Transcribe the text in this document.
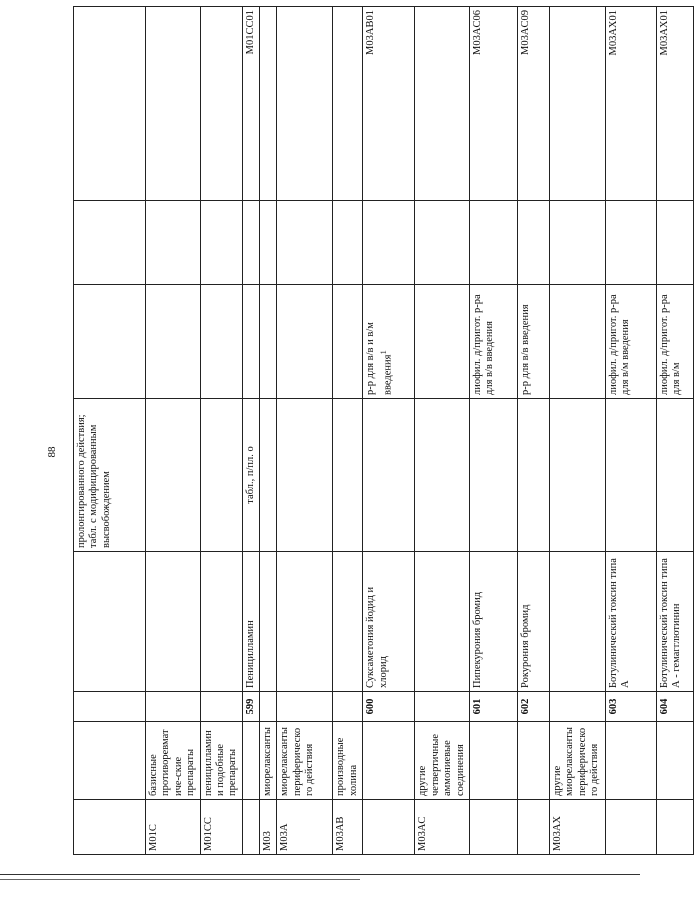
88
				пролонгированного действия; табл. с модифицированным высвобождением			
M01C	базисные противоревматиче-ские препараты						
M01CC	пеницилламин и подобные препараты						
		599	Пеницилламин	табл., п/пл. о			M01CC01
M03	миорелаксанты						
M03A	миорелаксанты периферического действия						
M03AB	производные холина						
		600	Суксаметония йодид и хлорид		р-р для в/в и в/м введения$^1$		M03AB01
M03AC	другие четвертичные аммониевые соединения						
		601	Пипекурония бромид		лиофил. д/пригот. р-ра для в/в введения		M03AC06
		602	Рокурония бромид		р-р для в/в введения		M03AC09
M03AX	другие миорелаксанты периферического действия						
		603	Ботулинический токсин типа А		лиофил. д/пригот. р-ра для в/м введения		M03AX01
		604	Ботулинический токсин типа А - гемагглютинин		лиофил. д/пригот. р-ра для в/м		M03AX01
